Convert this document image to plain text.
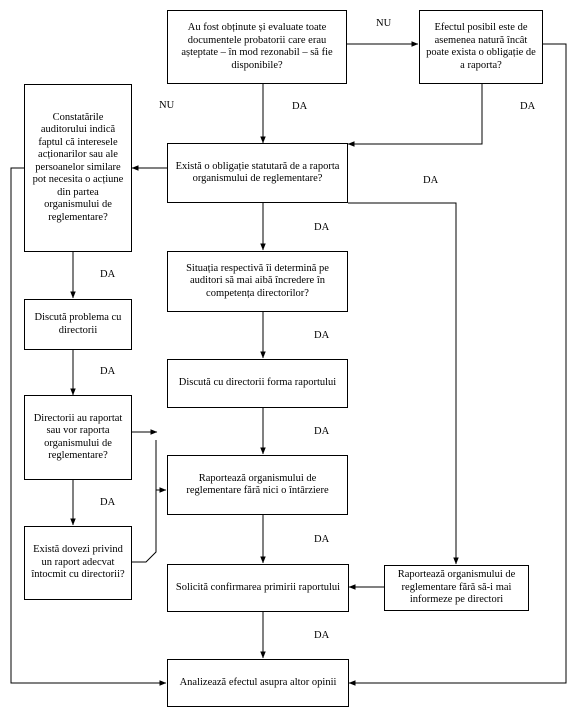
Au fost obținute și evaluate toate documentele probatorii care erau așteptate – în mod rezonabil – să fie disponibile?
Efectul posibil este de asemenea natură încât poate exista o obligație de a raporta?
Constatările auditorului indică faptul că interesele acționarilor sau ale persoanelor similare pot necesita o acțiune din partea organismului de reglementare?
Există o obligație statutară de a raporta organismului de reglementare?
Situația respectivă îi determină pe auditori să mai aibă încredere în competența directorilor?
Discută problema cu directorii
Discută cu directorii forma raportului
Directorii au raportat sau vor raporta organismului de reglementare?
Raportează organismului de reglementare fără nici o întârziere
Există dovezi privind un raport adecvat întocmit cu directorii?
Solicită confirmarea primirii raportului
Raportează organismului de reglementare fără să-i mai informeze pe directori
Analizează efectul asupra altor opinii
NU
NU	DA	DA
DA
DA
DA
DA
DA
DA
DA
DA
DA
